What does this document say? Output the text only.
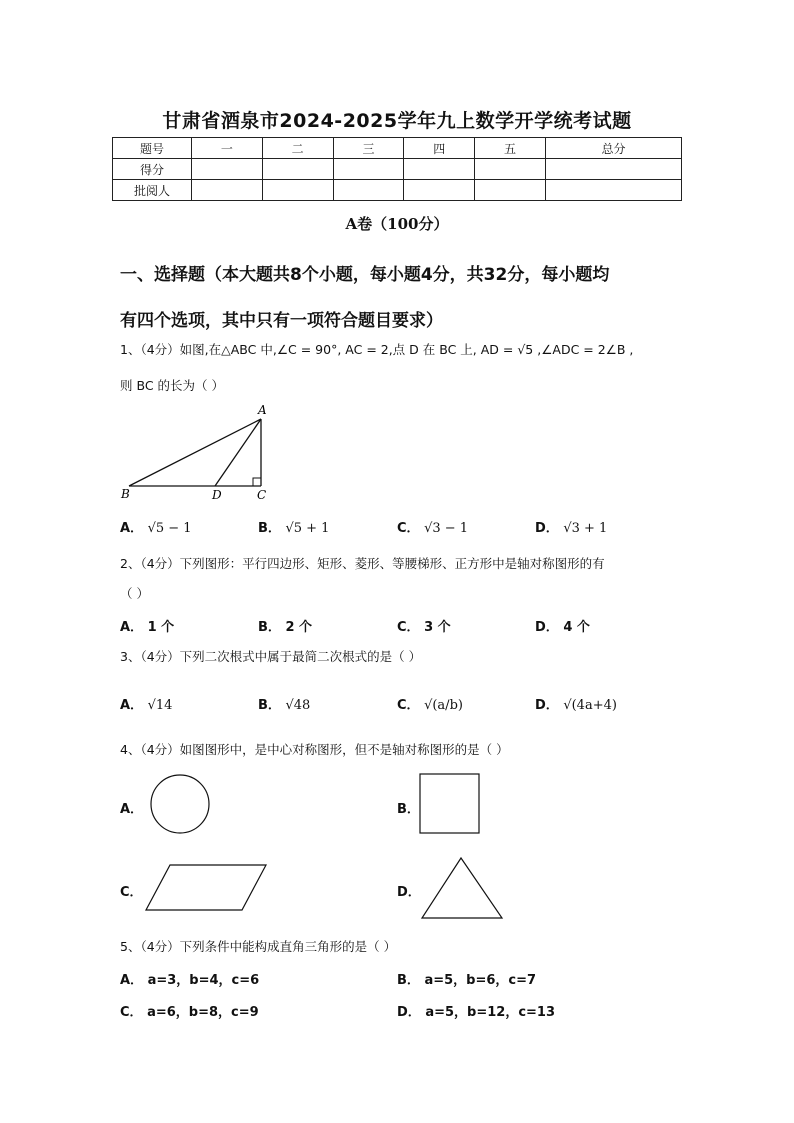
甘肃省酒泉市2024-2025学年九上数学开学统考试题
题号	一	二	三	四	五	总分
得分						
批阅人						
A卷（100分）
一、选择题（本大题共8个小题，每小题4分，共32分，每小题均
有四个选项，其中只有一项符合题目要求）
1、（4分）如图,在△ABC 中,∠C = 90°, AC = 2,点 D 在 BC 上, AD = √5 ,∠ADC = 2∠B ,
则 BC 的长为（ ）
A
B	C
D
A． √5 − 1	B． √5 + 1	C． √3 − 1	D． √3 + 1
2、（4分）下列图形：平行四边形、矩形、菱形、等腰梯形、正方形中是轴对称图形的有
（ ）
A． 1 个	B． 2 个	C． 3 个	D． 4 个
3、（4分）下列二次根式中属于最简二次根式的是（ ）
A． √14	B． √48	C． √(a/b)	D． √(4a+4)
4、（4分）如图图形中，是中心对称图形，但不是轴对称图形的是（ ）
A．	B．
C．	D．
5、（4分）下列条件中能构成直角三角形的是（ ）
A． a=3，b=4，c=6	B． a=5，b=6，c=7
C． a=6，b=8，c=9	D． a=5，b=12，c=13
